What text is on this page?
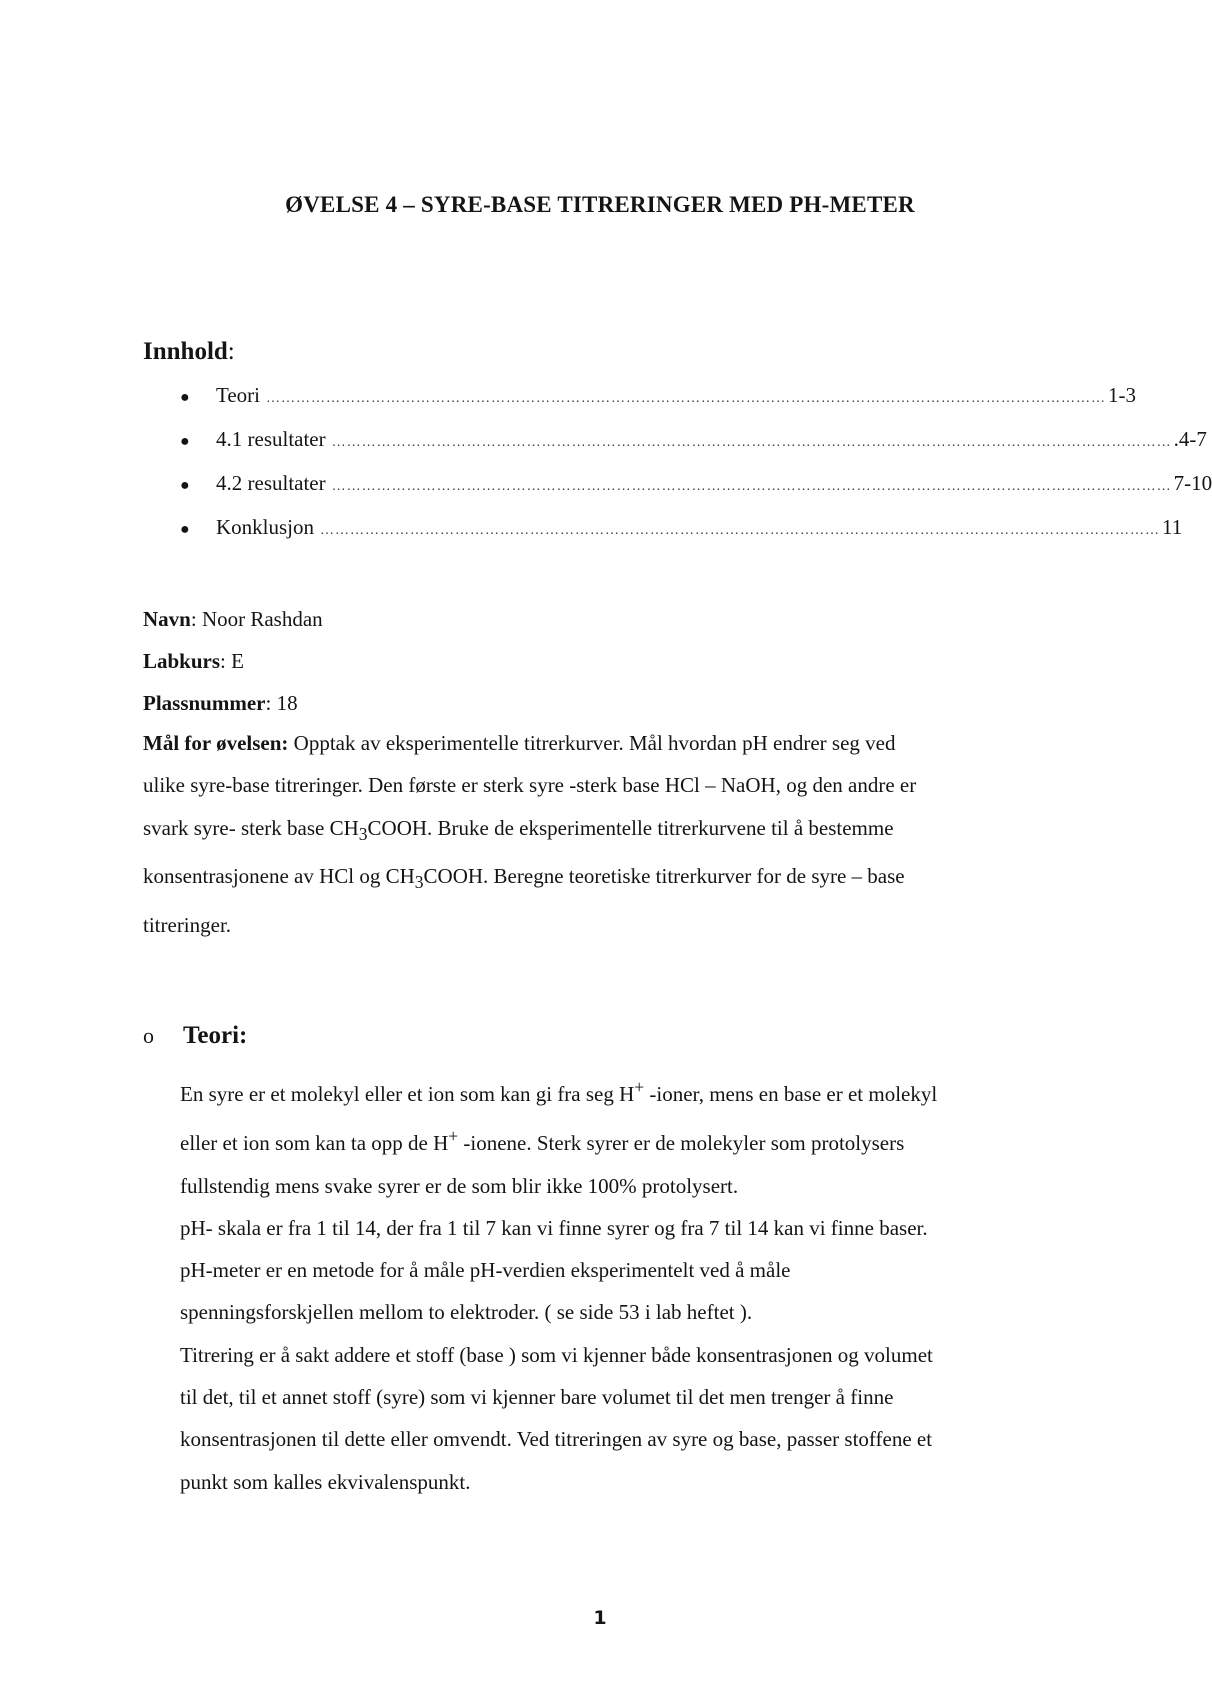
ØVELSE 4 – SYRE-BASE TITRERINGER MED PH-METER
Innhold:
●	Teori …………………………………………………………………………………………………………………………………………………… 1-3
●	4.1 resultater …………………………………………………………………………………………………………………………………………………… .4-7
●	4.2 resultater …………………………………………………………………………………………………………………………………………………… 7-10
●	Konklusjon …………………………………………………………………………………………………………………………………………………… 11

Navn: Noor Rashdan

Labkurs: E

Plassnummer: 18

Mål for øvelsen: Opptak av eksperimentelle titrerkurver. Mål hvordan pH endrer seg ved

ulike syre-base titreringer. Den første er sterk syre -sterk base HCl – NaOH, og den andre er

svark syre- sterk base $CH_3COOH$. Bruke de eksperimentelle titrerkurvene til å bestemme

konsentrasjonene av HCl og $CH_3COOH$. Beregne teoretiske titrerkurver for de syre – base

titreringer.

o	Teori:

En syre er et molekyl eller et ion som kan gi fra seg H+ -ioner, mens en base er et molekyl

eller et ion som kan ta opp de H+ -ionene. Sterk syrer er de molekyler som protolysers

fullstendig mens svake syrer er de som blir ikke 100% protolysert.

pH- skala er fra 1 til 14, der fra 1 til 7 kan vi finne syrer og fra 7 til 14 kan vi finne baser.

pH-meter er en metode for å måle pH-verdien eksperimentelt ved å måle

spenningsforskjellen mellom to elektroder. ( se side 53 i lab heftet ).

Titrering er å sakt addere et stoff (base ) som vi kjenner både konsentrasjonen og volumet

til det, til et annet stoff (syre) som vi kjenner bare volumet til det men trenger å finne

konsentrasjonen til dette eller omvendt. Ved titreringen av syre og base, passer stoffene et

punkt som kalles ekvivalenspunkt.

1
